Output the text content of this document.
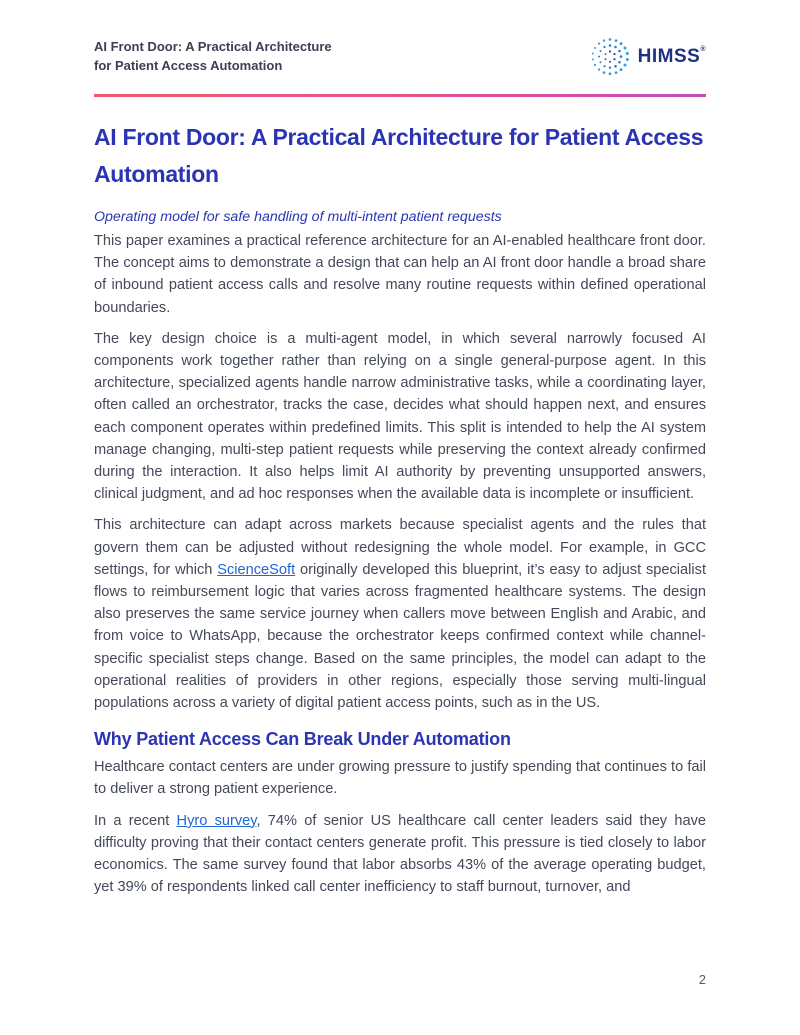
AI Front Door: A Practical Architecture
for Patient Access Automation	HIMSS®
AI Front Door: A Practical Architecture for Patient Access Automation
Operating model for safe handling of multi-intent patient requests

This paper examines a practical reference architecture for an AI-enabled healthcare front door. The concept aims to demonstrate a design that can help an AI front door handle a broad share of inbound patient access calls and resolve many routine requests within defined operational boundaries.

The key design choice is a multi-agent model, in which several narrowly focused AI components work together rather than relying on a single general-purpose agent. In this architecture, specialized agents handle narrow administrative tasks, while a coordinating layer, often called an orchestrator, tracks the case, decides what should happen next, and ensures each component operates within predefined limits. This split is intended to help the AI system manage changing, multi-step patient requests while preserving the context already confirmed during the interaction. It also helps limit AI authority by preventing unsupported answers, clinical judgment, and ad hoc responses when the available data is incomplete or insufficient.

This architecture can adapt across markets because specialist agents and the rules that govern them can be adjusted without redesigning the whole model. For example, in GCC settings, for which ScienceSoft originally developed this blueprint, it’s easy to adjust specialist flows to reimbursement logic that varies across fragmented healthcare systems. The design also preserves the same service journey when callers move between English and Arabic, and from voice to WhatsApp, because the orchestrator keeps confirmed context while channel-specific specialist steps change. Based on the same principles, the model can adapt to the operational realities of providers in other regions, especially those serving multi-lingual populations across a variety of digital patient access points, such as in the US.

Why Patient Access Can Break Under Automation

Healthcare contact centers are under growing pressure to justify spending that continues to fail to deliver a strong patient experience.

In a recent Hyro survey, 74% of senior US healthcare call center leaders said they have difficulty proving that their contact centers generate profit. This pressure is tied closely to labor economics. The same survey found that labor absorbs 43% of the average operating budget, yet 39% of respondents linked call center inefficiency to staff burnout, turnover, and

2
